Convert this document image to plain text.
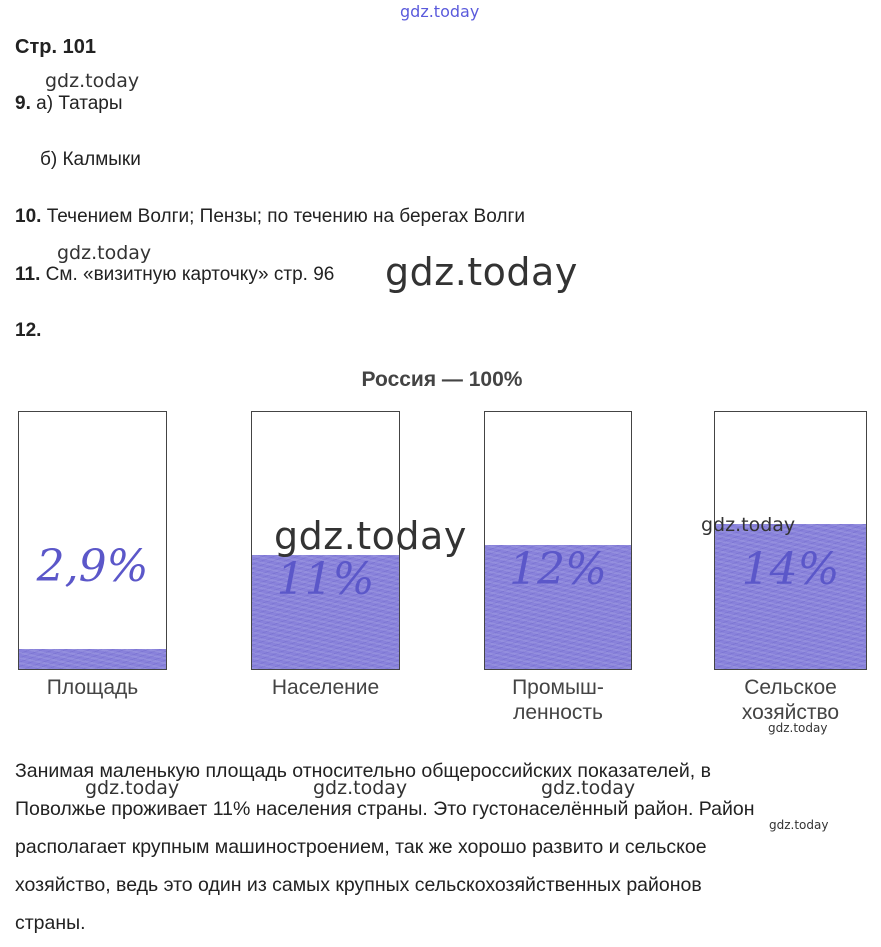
gdz.today
Стр. 101
gdz.today
9. а) Татары
б) Калмыки
10. Течением Волги; Пензы; по течению на берегах Волги
gdz.today
11. См. «визитную карточку» стр. 96 gdz.today
12.
Россия — 100%
2,9%
Площадь
11%
Население
12%
Промыш-
ленность
14%
Сельское
хозяйство
gdz.today	gdz.today
gdz.today
Занимая маленькую площадь относительно общероссийских показателей, в
gdz.today	gdz.today	gdz.today
Поволжье проживает 11% населения страны. Это густонаселённый район. Район
gdz.today
располагает крупным машиностроением, так же хорошо развито и сельское
хозяйство, ведь это один из самых крупных сельскохозяйственных районов
страны.
